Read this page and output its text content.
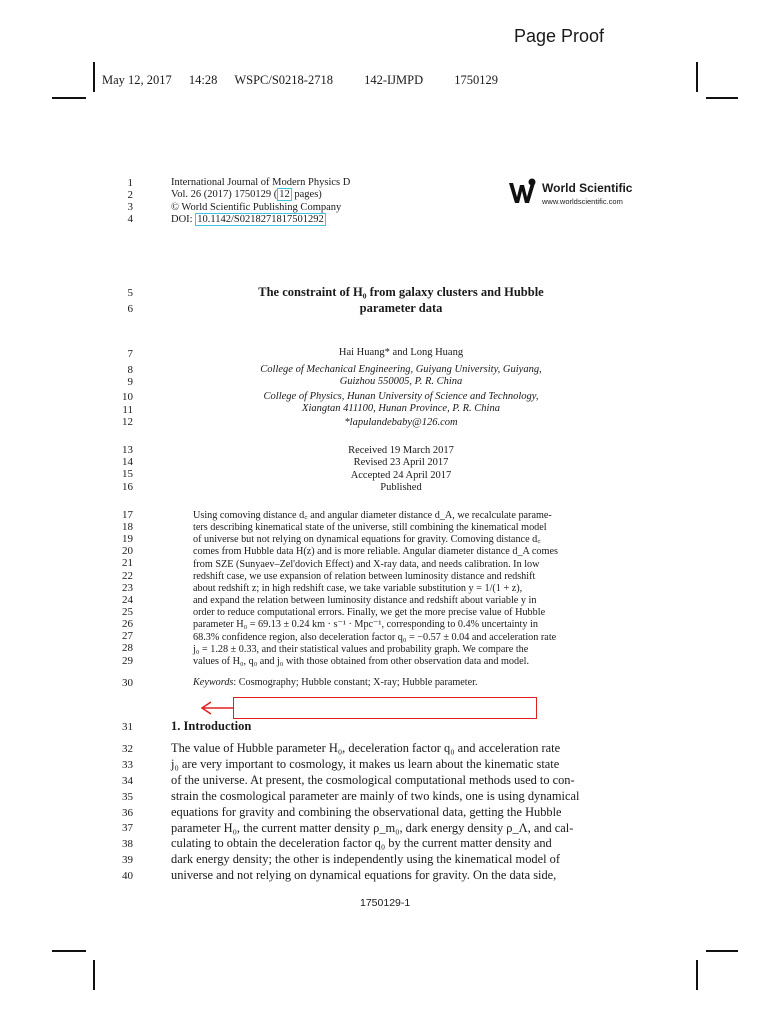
Page Proof
May 12, 2017 14:28 WSPC/S0218-2718 142-IJMPD 1750129
1
2
3
4
5
6
7
8
9
10
11
12
13
14
15
16
17
18
19
20
21
22
23
24
25
26
27
28
29
30
31
32
33
34
35
36
37
38
39
40
International Journal of Modern Physics D
Vol. 26 (2017) 1750129 ( 12 pages)
© World Scientific Publishing Company
DOI: 10.1142/S0218271817501292
World Scientific
www.worldscientific.com
The constraint of H₀ from galaxy clusters and Hubble
parameter data
Hai Huang* and Long Huang
College of Mechanical Engineering, Guiyang University, Guiyang,
Guizhou 550005, P. R. China
College of Physics, Hunan University of Science and Technology,
Xiangtan 411100, Hunan Province, P. R. China
*lapulandebaby@126.com
Received 19 March 2017
Revised 23 April 2017
Accepted 24 April 2017
Published

Using comoving distance d꜀ and angular diameter distance d_A, we recalculate parame-

ters describing kinematical state of the universe, still combining the kinematical model

of universe but not relying on dynamical equations for gravity. Comoving distance d꜀

comes from Hubble data H(z) and is more reliable. Angular diameter distance d_A comes

from SZE (Sunyaev–Zel'dovich Effect) and X-ray data, and needs calibration. In low

redshift case, we use expansion of relation between luminosity distance and redshift

about redshift z; in high redshift case, we take variable substitution y = 1/(1 + z),

and expand the relation between luminosity distance and redshift about variable y in

order to reduce computational errors. Finally, we get the more precise value of Hubble

parameter H₀ = 69.13 ± 0.24 km · s⁻¹ · Mpc⁻¹, corresponding to 0.4% uncertainty in

68.3% confidence region, also deceleration factor q₀ = −0.57 ± 0.04 and acceleration rate

j₀ = 1.28 ± 0.33, and their statistical values and probability graph. We compare the

values of H₀, q₀ and j₀ with those obtained from other observation data and model.

Keywords: Cosmography; Hubble constant; X-ray; Hubble parameter.
1. Introduction

The value of Hubble parameter H₀, deceleration factor q₀ and acceleration rate

j₀ are very important to cosmology, it makes us learn about the kinematic state

of the universe. At present, the cosmological computational methods used to con-

strain the cosmological parameter are mainly of two kinds, one is using dynamical

equations for gravity and combining the observational data, getting the Hubble

parameter H₀, the current matter density ρ_m₀, dark energy density ρ_Λ, and cal-

culating to obtain the deceleration factor q₀ by the current matter density and

dark energy density; the other is independently using the kinematical model of

universe and not relying on dynamical equations for gravity. On the data side,

1750129-1
